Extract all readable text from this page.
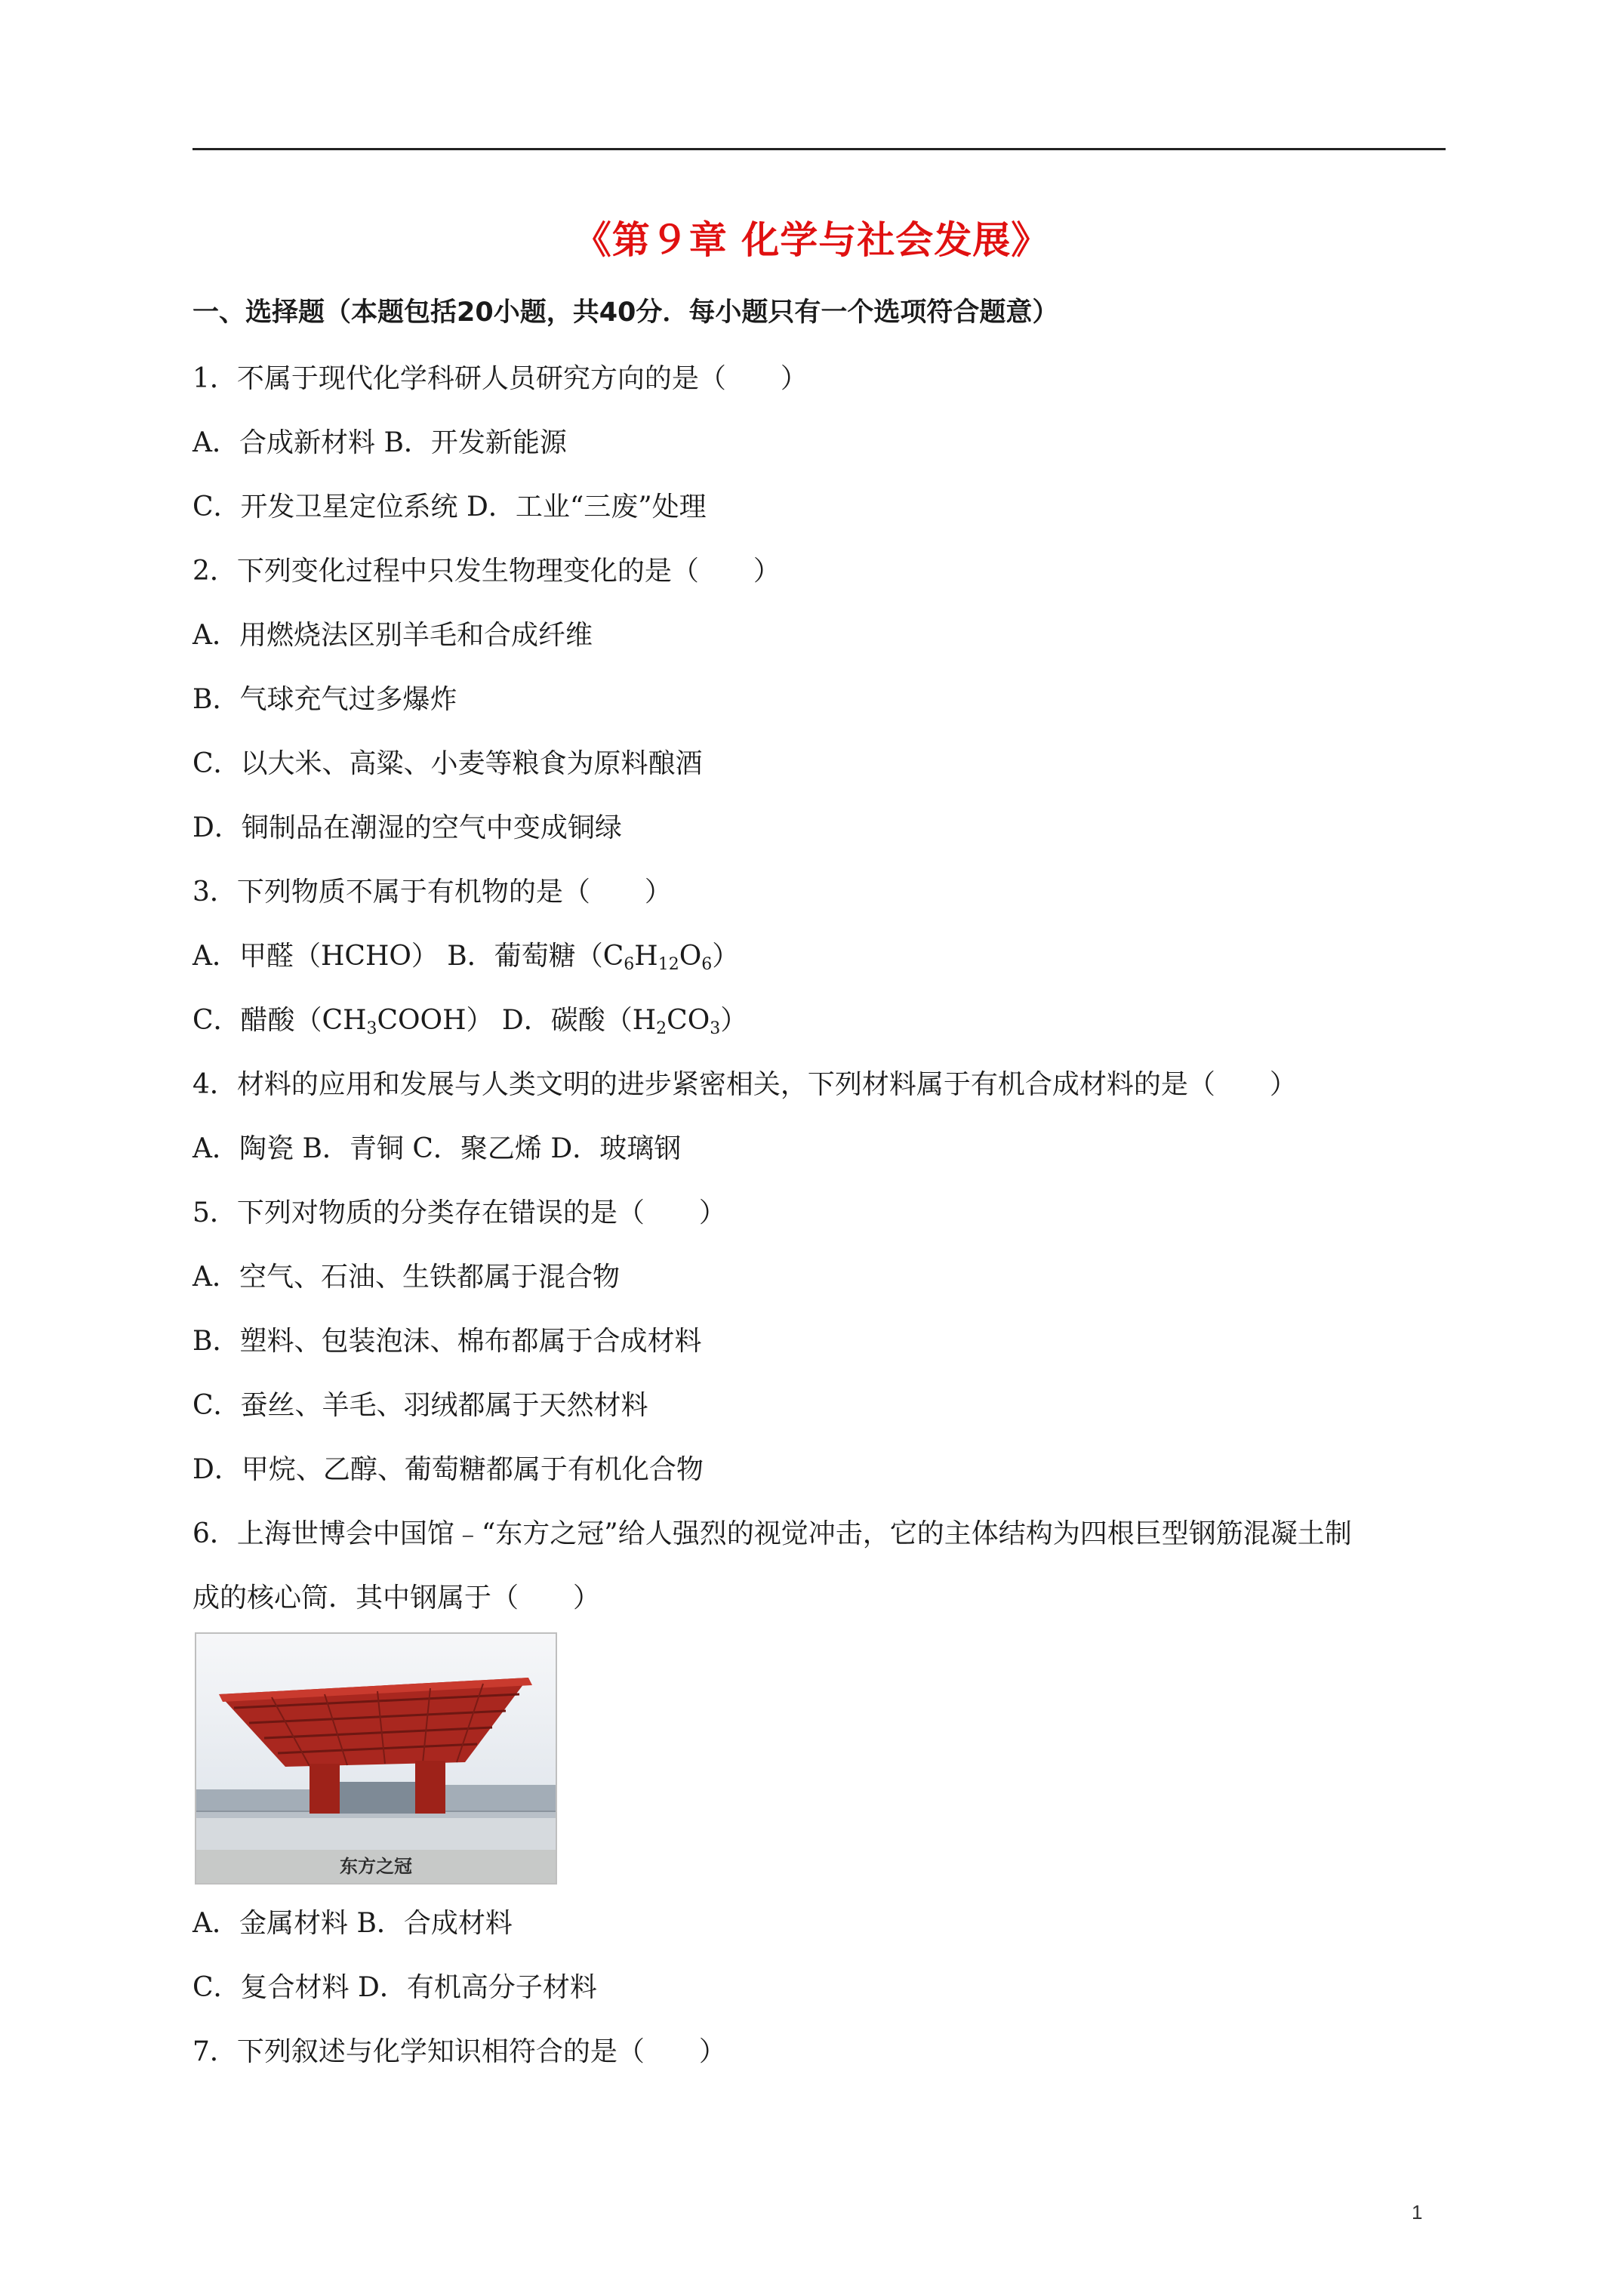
《第９章 化学与社会发展》
一、选择题（本题包括20小题，共40分．每小题只有一个选项符合题意）
1．不属于现代化学科研人员研究方向的是（　　）
A．合成新材料 B．开发新能源
C．开发卫星定位系统 D．工业“三废”处理
2．下列变化过程中只发生物理变化的是（　　）
A．用燃烧法区别羊毛和合成纤维
B．气球充气过多爆炸
C．以大米、高粱、小麦等粮食为原料酿酒
D．铜制品在潮湿的空气中变成铜绿
3．下列物质不属于有机物的是（　　）
A．甲醛（HCHO） B．葡萄糖$(C_6H_{12}O_6)$
C．醋酸$(CH_3COOH)$ D．碳酸$(H_2CO_3)$
4．材料的应用和发展与人类文明的进步紧密相关，下列材料属于有机合成材料的是（　　）
A．陶瓷 B．青铜 C．聚乙烯 D．玻璃钢
5．下列对物质的分类存在错误的是（　　）
A．空气、石油、生铁都属于混合物
B．塑料、包装泡沫、棉布都属于合成材料
C．蚕丝、羊毛、羽绒都属于天然材料
D．甲烷、乙醇、葡萄糖都属于有机化合物
6．上海世博会中国馆﹣“东方之冠”给人强烈的视觉冲击，它的主体结构为四根巨型钢筋混凝土制
成的核心筒．其中钢属于（　　）
东方之冠
A．金属材料 B．合成材料
C．复合材料 D．有机高分子材料
7．下列叙述与化学知识相符合的是（　　）
1
